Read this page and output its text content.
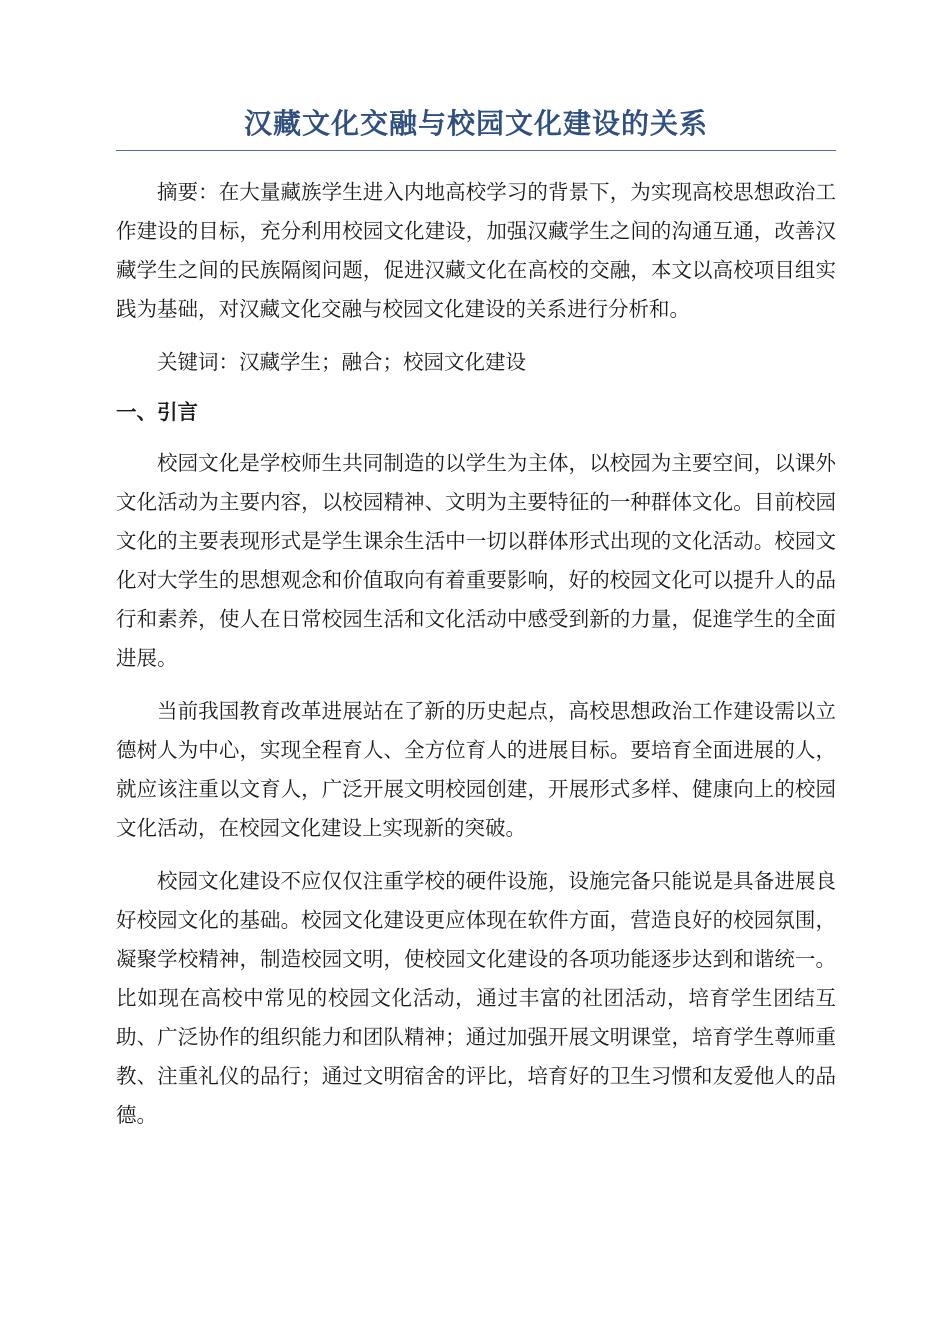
汉藏文化交融与校园文化建设的关系

摘要：在大量藏族学生进入内地高校学习的背景下，为实现高校思想政治工作建设的目标，充分利用校园文化建设，加强汉藏学生之间的沟通互通，改善汉藏学生之间的民族隔阂问题，促进汉藏文化在高校的交融，本文以高校项目组实践为基础，对汉藏文化交融与校园文化建设的关系进行分析和。

关键词：汉藏学生；融合；校园文化建设

一、引言

校园文化是学校师生共同制造的以学生为主体，以校园为主要空间，以课外文化活动为主要内容，以校园精神、文明为主要特征的一种群体文化。目前校园文化的主要表现形式是学生课余生活中一切以群体形式出现的文化活动。校园文化对大学生的思想观念和价值取向有着重要影响，好的校园文化可以提升人的品行和素养，使人在日常校园生活和文化活动中感受到新的力量，促進学生的全面进展。

当前我国教育改革进展站在了新的历史起点，高校思想政治工作建设需以立德树人为中心，实现全程育人、全方位育人的进展目标。要培育全面进展的人，就应该注重以文育人，广泛开展文明校园创建，开展形式多样、健康向上的校园文化活动，在校园文化建设上实现新的突破。

校园文化建设不应仅仅注重学校的硬件设施，设施完备只能说是具备进展良好校园文化的基础。校园文化建设更应体现在软件方面，营造良好的校园氛围，凝聚学校精神，制造校园文明，使校园文化建设的各项功能逐步达到和谐统一。比如现在高校中常见的校园文化活动，通过丰富的社团活动，培育学生团结互助、广泛协作的组织能力和团队精神；通过加强开展文明课堂，培育学生尊师重教、注重礼仪的品行；通过文明宿舍的评比，培育好的卫生习惯和友爱他人的品德。
